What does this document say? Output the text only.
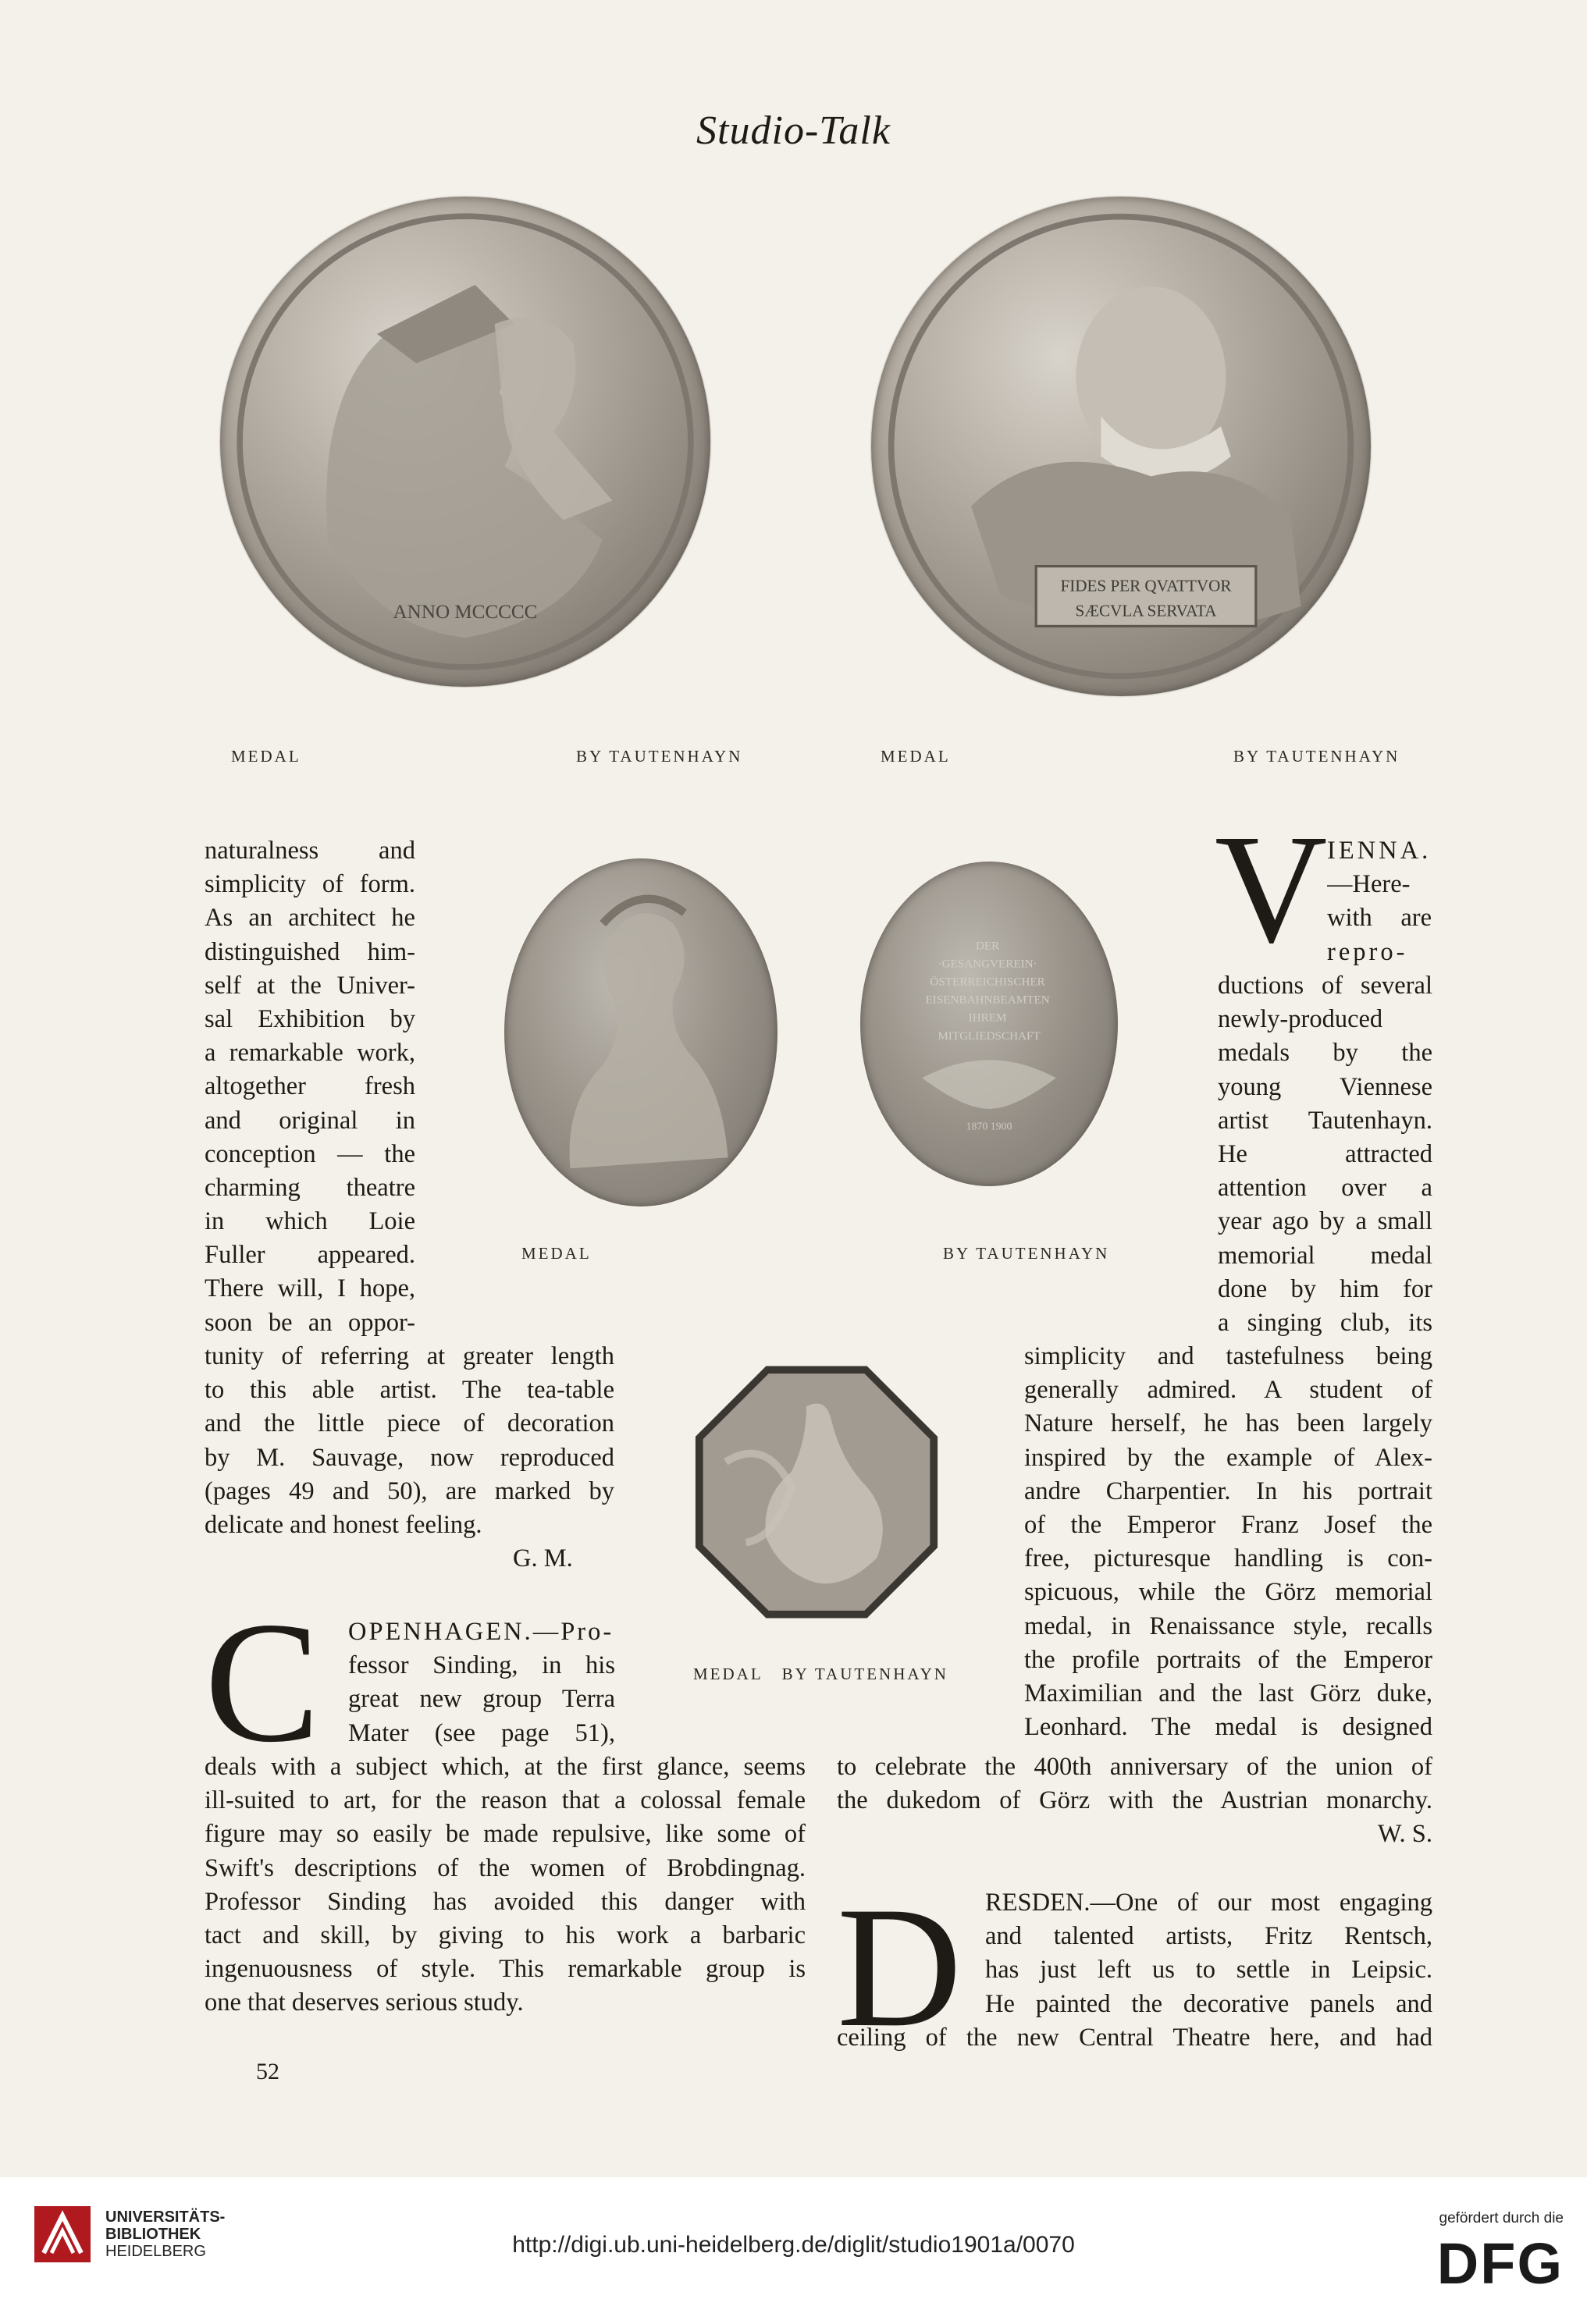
Studio-Talk
ANNO MCCCCC
FIDES PER QVATTVOR
SÆCVLA SERVATA
MEDAL	BY TAUTENHAYN	MEDAL	BY TAUTENHAYN
DER ·GESANGVEREIN· ÖSTERREICHISCHER EISENBAHNBEAMTEN IHREM MITGLIEDSCHAFT
1870 1900
MEDAL	BY TAUTENHAYN
MEDAL   BY TAUTENHAYN
naturalness and
simplicity of form.
As an architect he
distinguished him-
self at the Univer-
sal Exhibition by
a remarkable work,
altogether fresh
and original in
conception — the
charming theatre
in which Loie
Fuller appeared.
There will, I hope,
soon be an oppor-
tunity of referring at greater length
to this able artist. The tea-table
and the little piece of decoration
by M. Sauvage, now reproduced
(pages 49 and 50), are marked by
delicate and honest feeling.
G. M.
C OPENHAGEN.—Pro-
fessor Sinding, in his
great new group Terra
Mater (see page 51),
deals with a subject which, at the first glance, seems
ill-suited to art, for the reason that a colossal female
figure may so easily be made repulsive, like some of
Swift's descriptions of the women of Brobdingnag.
Professor Sinding has avoided this danger with
tact and skill, by giving to his work a barbaric
ingenuousness of style. This remarkable group is
one that deserves serious study.
V IENNA.
—Here-
with are
repro-
ductions of several
newly-produced
medals by the
young Viennese
artist Tautenhayn.
He attracted
attention over a
year ago by a small
memorial medal
done by him for
a singing club, its
simplicity and tastefulness being
generally admired. A student of
Nature herself, he has been largely
inspired by the example of Alex-
andre Charpentier. In his portrait
of the Emperor Franz Josef the
free, picturesque handling is con-
spicuous, while the Görz memorial
medal, in Renaissance style, recalls
the profile portraits of the Emperor
Maximilian and the last Görz duke,
Leonhard. The medal is designed
to celebrate the 400th anniversary of the union of
the dukedom of Görz with the Austrian monarchy.
W. S.
D RESDEN.—One of our most engaging
and talented artists, Fritz Rentsch,
has just left us to settle in Leipsic.
He painted the decorative panels and
ceiling of the new Central Theatre here, and had
52
UNIVERSITÄTS-
BIBLIOTHEK
HEIDELBERG	http://digi.ub.uni-heidelberg.de/diglit/studio1901a/0070
gefördert durch die
DFG
